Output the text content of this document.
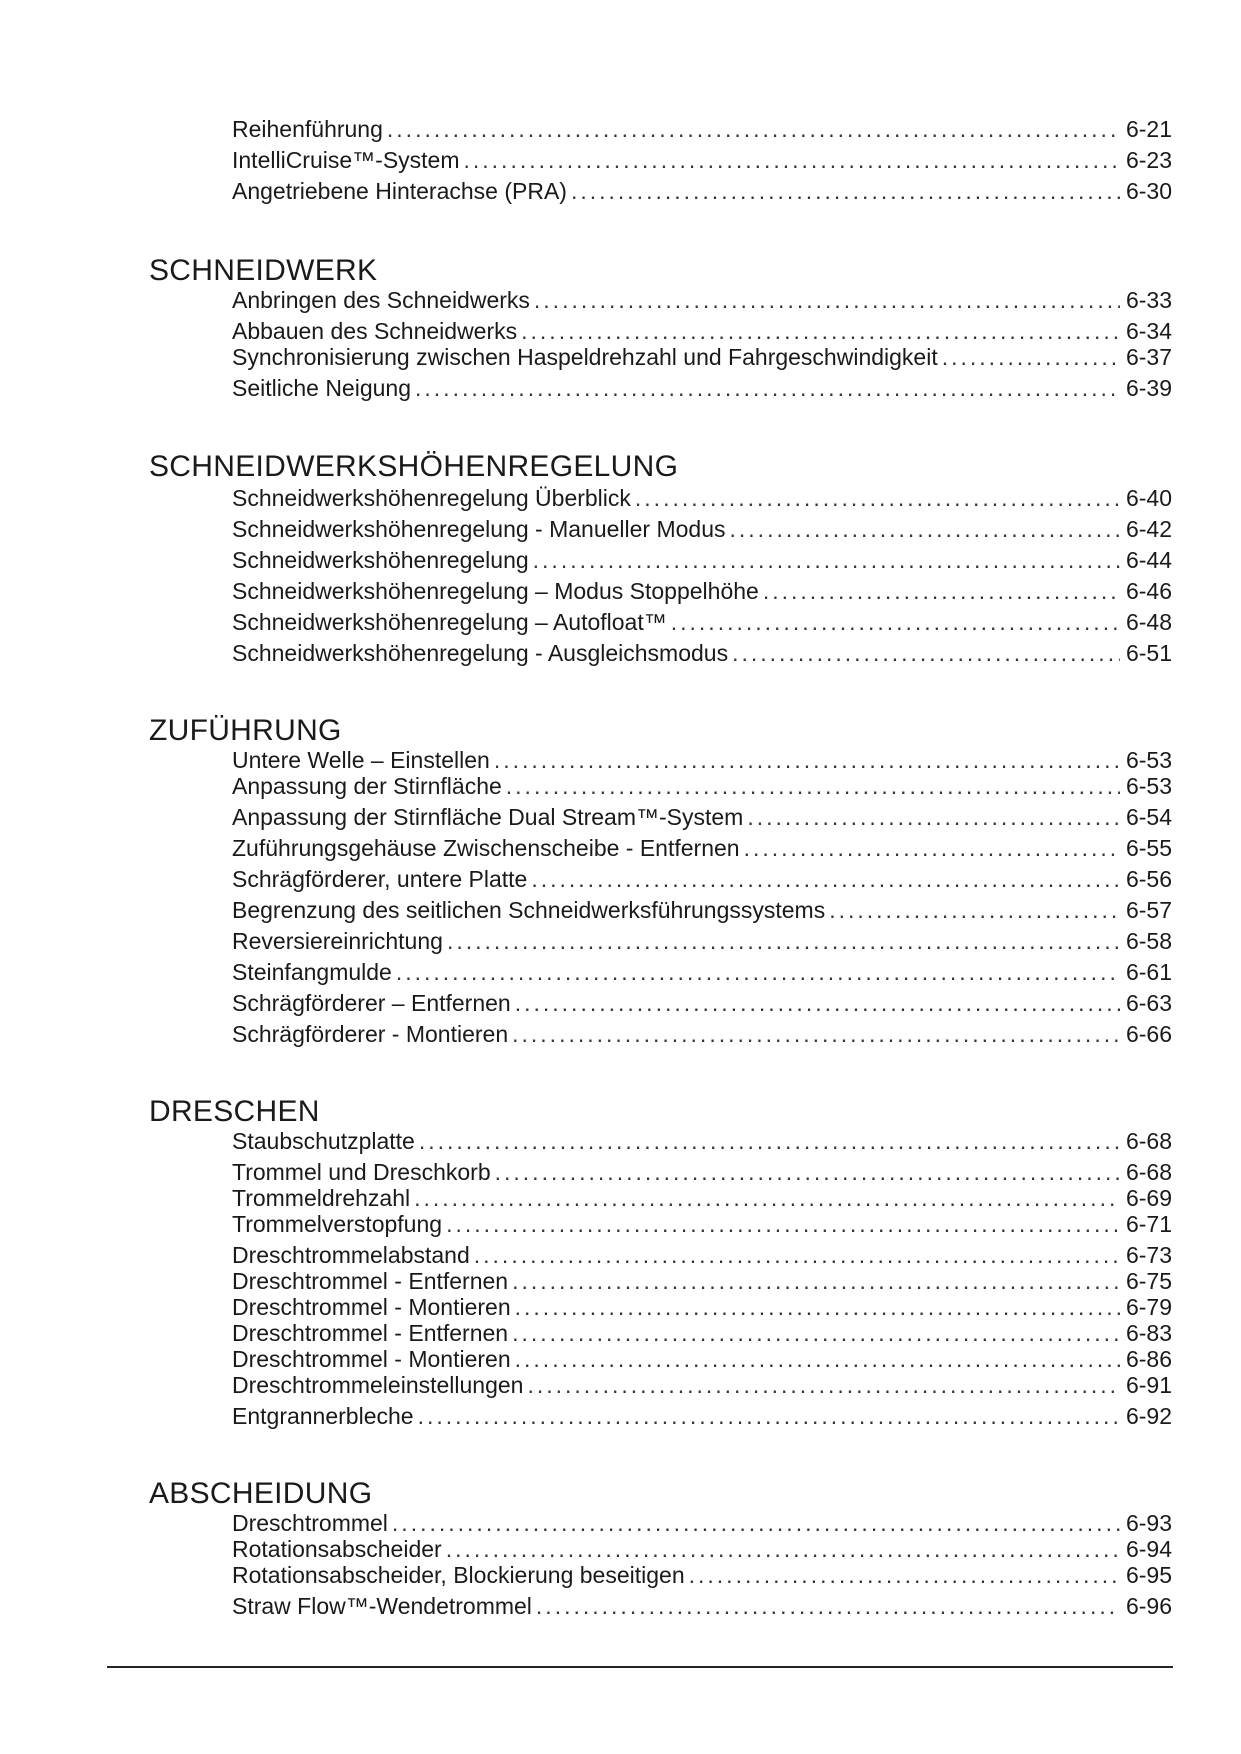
Reihenführung .....	6-21
IntelliCruise™-System .....	6-23
Angetriebene Hinterachse (PRA) .....	6-30
SCHNEIDWERK
Anbringen des Schneidwerks .....	6-33
Abbauen des Schneidwerks .....	6-34
Synchronisierung zwischen Haspeldrehzahl und Fahrgeschwindigkeit .....	6-37
Seitliche Neigung .....	6-39
SCHNEIDWERKSHÖHENREGELUNG
Schneidwerkshöhenregelung Überblick .....	6-40
Schneidwerkshöhenregelung - Manueller Modus .....	6-42
Schneidwerkshöhenregelung .....	6-44
Schneidwerkshöhenregelung – Modus Stoppelhöhe .....	6-46
Schneidwerkshöhenregelung – Autofloat™ .....	6-48
Schneidwerkshöhenregelung - Ausgleichsmodus .....	6-51
ZUFÜHRUNG
Untere Welle – Einstellen .....	6-53
Anpassung der Stirnfläche .....	6-53
Anpassung der Stirnfläche Dual Stream™-System .....	6-54
Zuführungsgehäuse Zwischenscheibe - Entfernen .....	6-55
Schrägförderer, untere Platte .....	6-56
Begrenzung des seitlichen Schneidwerksführungssystems .....	6-57
Reversiereinrichtung .....	6-58
Steinfangmulde .....	6-61
Schrägförderer – Entfernen .....	6-63
Schrägförderer - Montieren .....	6-66
DRESCHEN
Staubschutzplatte .....	6-68
Trommel und Dreschkorb .....	6-68
Trommeldrehzahl .....	6-69
Trommelverstopfung .....	6-71
Dreschtrommelabstand .....	6-73
Dreschtrommel - Entfernen .....	6-75
Dreschtrommel - Montieren .....	6-79
Dreschtrommel - Entfernen .....	6-83
Dreschtrommel - Montieren .....	6-86
Dreschtrommeleinstellungen .....	6-91
Entgrannerbleche .....	6-92
ABSCHEIDUNG
Dreschtrommel .....	6-93
Rotationsabscheider .....	6-94
Rotationsabscheider, Blockierung beseitigen .....	6-95
Straw Flow™-Wendetrommel .....	6-96
